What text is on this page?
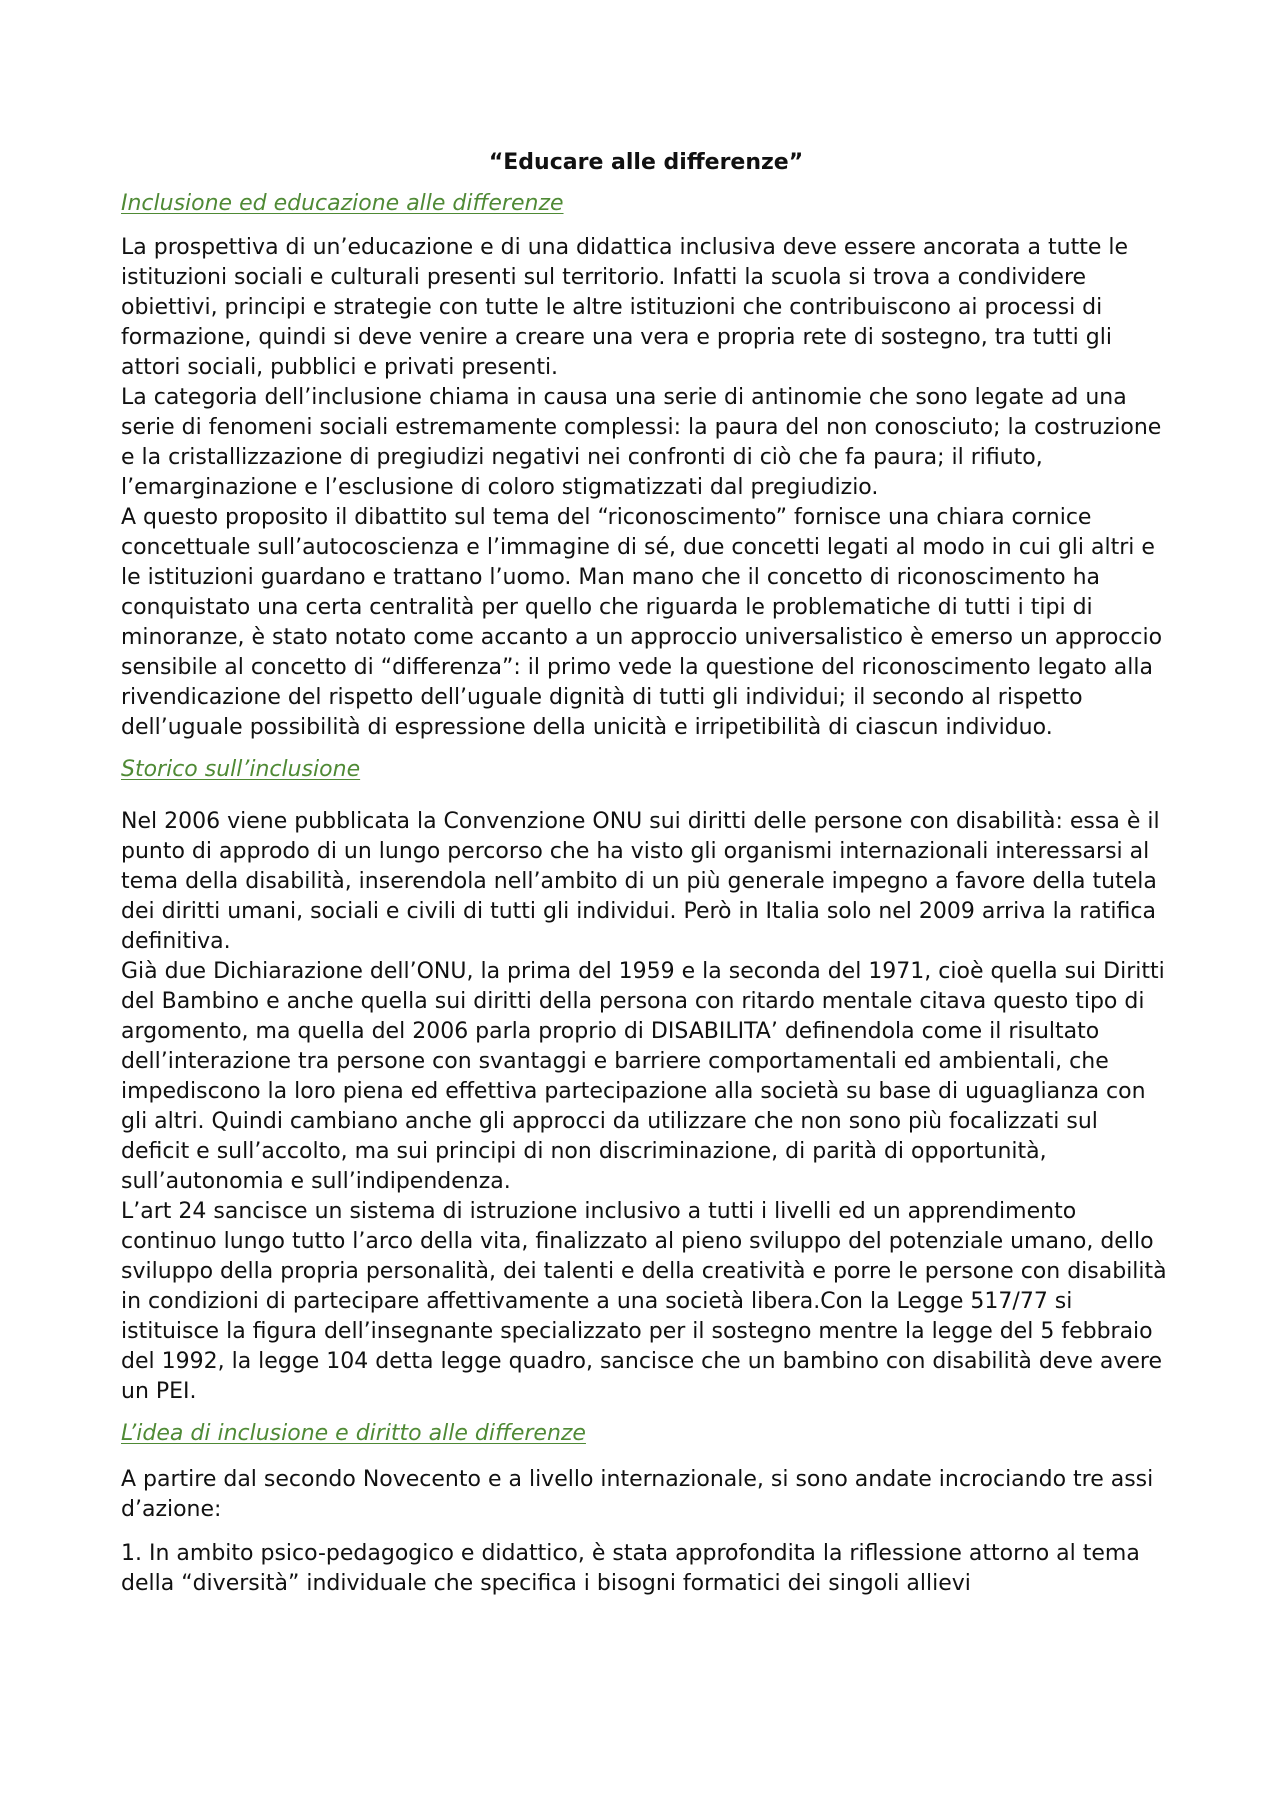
“Educare alle differenze”
Inclusione ed educazione alle differenze

La prospettiva di un’educazione e di una didattica inclusiva deve essere ancorata a tutte le istituzioni sociali e culturali presenti sul territorio. Infatti la scuola si trova a condividere obiettivi, principi e strategie con tutte le altre istituzioni che contribuiscono ai processi di formazione, quindi si deve venire a creare una vera e propria rete di sostegno, tra tutti gli attori sociali, pubblici e privati presenti.

La categoria dell’inclusione chiama in causa una serie di antinomie che sono legate ad una serie di fenomeni sociali estremamente complessi: la paura del non conosciuto; la costruzione e la cristallizzazione di pregiudizi negativi nei confronti di ciò che fa paura; il rifiuto, l’emarginazione e l’esclusione di coloro stigmatizzati dal pregiudizio.

A questo proposito il dibattito sul tema del “riconoscimento” fornisce una chiara cornice concettuale sull’autocoscienza e l’immagine di sé, due concetti legati al modo in cui gli altri e le istituzioni guardano e trattano l’uomo. Man mano che il concetto di riconoscimento ha conquistato una certa centralità per quello che riguarda le problematiche di tutti i tipi di minoranze, è stato notato come accanto a un approccio universalistico è emerso un approccio sensibile al concetto di “differenza”: il primo vede la questione del riconoscimento legato alla rivendicazione del rispetto dell’uguale dignità di tutti gli individui; il secondo al rispetto dell’uguale possibilità di espressione della unicità e irripetibilità di ciascun individuo.

Storico sull’inclusione

Nel 2006 viene pubblicata la Convenzione ONU sui diritti delle persone con disabilità: essa è il punto di approdo di un lungo percorso che ha visto gli organismi internazionali interessarsi al tema della disabilità, inserendola nell’ambito di un più generale impegno a favore della tutela dei diritti umani, sociali e civili di tutti gli individui. Però in Italia solo nel 2009 arriva la ratifica definitiva.

Già due Dichiarazione dell’ONU, la prima del 1959 e la seconda del 1971, cioè quella sui Diritti del Bambino e anche quella sui diritti della persona con ritardo mentale citava questo tipo di argomento, ma quella del 2006 parla proprio di DISABILITA’ definendola come il risultato dell’interazione tra persone con svantaggi e barriere comportamentali ed ambientali, che impediscono la loro piena ed effettiva partecipazione alla società su base di uguaglianza con gli altri. Quindi cambiano anche gli approcci da utilizzare che non sono più focalizzati sul deficit e sull’accolto, ma sui principi di non discriminazione, di parità di opportunità, sull’autonomia e sull’indipendenza.

L’art 24 sancisce un sistema di istruzione inclusivo a tutti i livelli ed un apprendimento continuo lungo tutto l’arco della vita, finalizzato al pieno sviluppo del potenziale umano, dello sviluppo della propria personalità, dei talenti e della creatività e porre le persone con disabilità in condizioni di partecipare affettivamente a una società libera.Con la Legge 517/77 si istituisce la figura dell’insegnante specializzato per il sostegno mentre la legge del 5 febbraio del 1992, la legge 104 detta legge quadro, sancisce che un bambino con disabilità deve avere un PEI.

L’idea di inclusione e diritto alle differenze

A partire dal secondo Novecento e a livello internazionale, si sono andate incrociando tre assi d’azione:

1. In ambito psico-pedagogico e didattico, è stata approfondita la riflessione attorno al tema della “diversità” individuale che specifica i bisogni formatici dei singoli allievi
